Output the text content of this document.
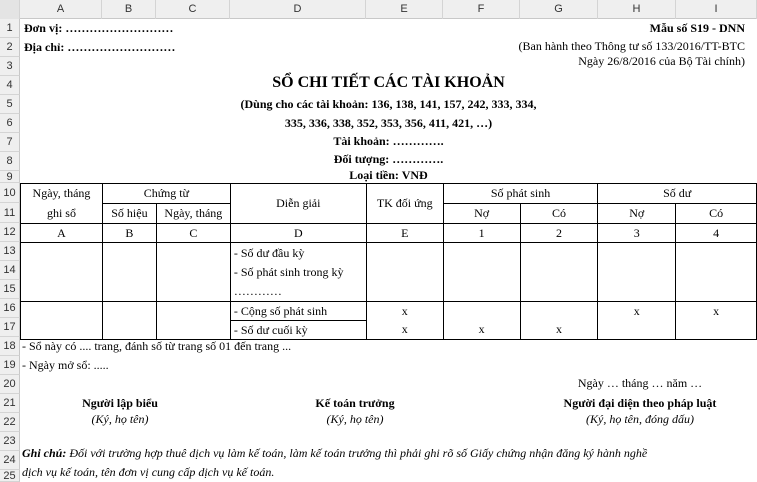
A	B	C	D	E	F	G	H	I
1
2
3
4
5
6
7
8
9
10
11
12
13
14
15
16
17
18
19
20
21
22
23
24
25
Đơn vị: ………………………
Địa chỉ: ………………………
Mẫu số S19 - DNN
(Ban hành theo Thông tư số 133/2016/TT-BTC
Ngày 26/8/2016 của Bộ Tài chính)
SỔ CHI TIẾT CÁC TÀI KHOẢN
(Dùng cho các tài khoản: 136, 138, 141, 157, 242, 333, 334,
335, 336, 338, 352, 353, 356, 411, 421, …)
Tài khoản: ………….
Đối tượng: ………….
Loại tiền: VNĐ
Ngày, tháng	Chứng từ		Diễn giải	TK đối ứng	Số phát sinh		Số dư	
ghi sổ	Số hiệu	Ngày, tháng			Nợ	Có	Nợ	Có
A	B	C	D	E	1	2	3	4

			- Số dư đầu kỳ
- Số phát sinh trong kỳ
…………					

			- Cộng số phát sinh	x			x	x
			- Số dư cuối kỳ	x	x	x		
- Sổ này có .... trang, đánh số từ trang số 01 đến trang ...
- Ngày mở sổ: .....
Ngày … tháng … năm …
Người lập biểu
(Ký, họ tên)
Kế toán trưởng
(Ký, họ tên)
Người đại diện theo pháp luật
(Ký, họ tên, đóng dấu)
Ghi chú: Đối với trường hợp thuê dịch vụ làm kế toán, làm kế toán trưởng thì phải ghi rõ số Giấy chứng nhận đăng ký hành nghề
dịch vụ kế toán, tên đơn vị cung cấp dịch vụ kế toán.
